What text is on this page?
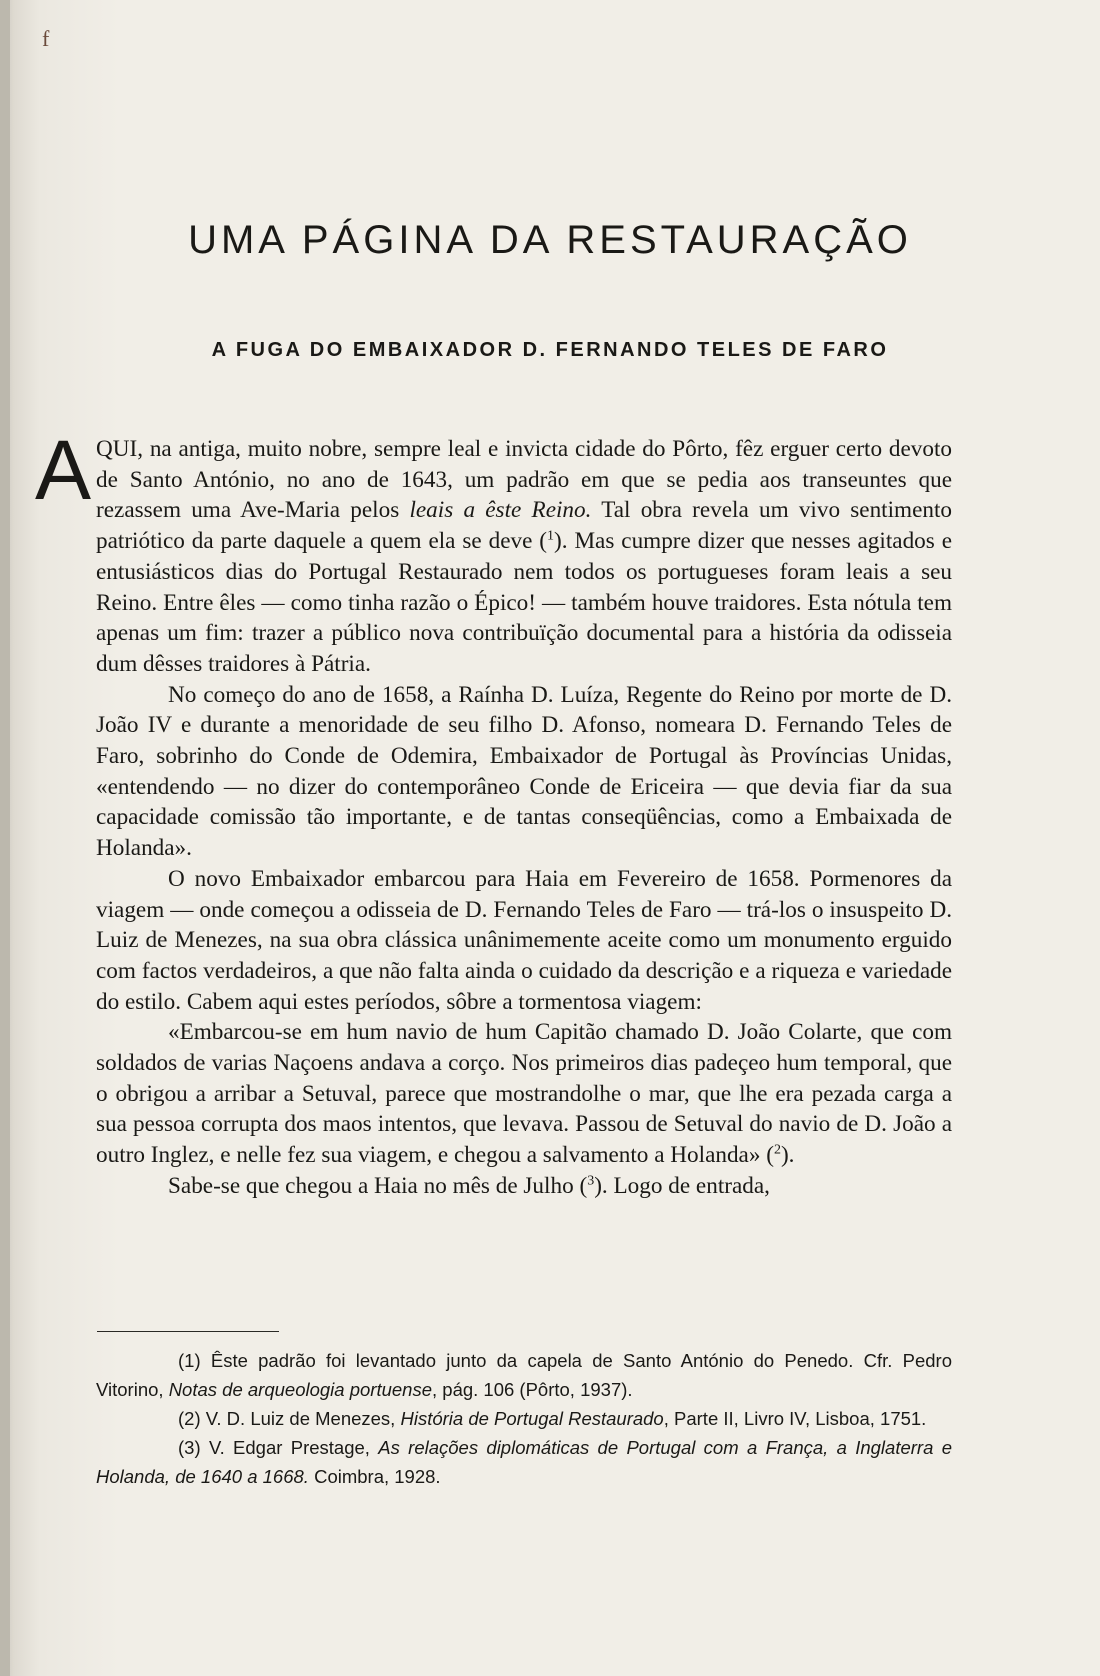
f
UMA PÁGINA DA RESTAURAÇÃO
A FUGA DO EMBAIXADOR D. FERNANDO TELES DE FARO

AQUI, na antiga, muito nobre, sempre leal e invicta cidade do Pôrto, fêz erguer certo devoto de Santo António, no ano de 1643, um padrão em que se pedia aos transeuntes que rezassem uma Ave-Maria pelos leais a êste Reino. Tal obra revela um vivo sentimento patriótico da parte daquele a quem ela se deve ($^1$). Mas cumpre dizer que nesses agitados e entusiásticos dias do Portugal Restaurado nem todos os portugueses foram leais a seu Reino. Entre êles — como tinha razão o Épico! — também houve traidores. Esta nótula tem apenas um fim: trazer a público nova contribuïção documental para a história da odisseia dum dêsses traidores à Pátria.

No começo do ano de 1658, a Raínha D. Luíza, Regente do Reino por morte de D. João IV e durante a menoridade de seu filho D. Afonso, nomeara D. Fernando Teles de Faro, sobrinho do Conde de Odemira, Embaixador de Portugal às Províncias Unidas, «entendendo — no dizer do contemporâneo Conde de Ericeira — que devia fiar da sua capacidade comissão tão importante, e de tantas conseqüências, como a Embaixada de Holanda».

O novo Embaixador embarcou para Haia em Fevereiro de 1658. Pormenores da viagem — onde começou a odisseia de D. Fernando Teles de Faro — trá-los o insuspeito D. Luiz de Menezes, na sua obra clássica unânimemente aceite como um monumento erguido com factos verdadeiros, a que não falta ainda o cuidado da descrição e a riqueza e variedade do estilo. Cabem aqui estes períodos, sôbre a tormentosa viagem:

«Embarcou-se em hum navio de hum Capitão chamado D. João Colarte, que com soldados de varias Naçoens andava a corço. Nos primeiros dias padeçeo hum temporal, que o obrigou a arribar a Setuval, parece que mostrandolhe o mar, que lhe era pezada carga a sua pessoa corrupta dos maos intentos, que levava. Passou de Setuval do navio de D. João a outro Inglez, e nelle fez sua viagem, e chegou a salvamento a Holanda» ($^2$).

Sabe-se que chegou a Haia no mês de Julho ($^3$). Logo de entrada,

(1) Êste padrão foi levantado junto da capela de Santo António do Penedo. Cfr. Pedro Vitorino, Notas de arqueologia portuense, pág. 106 (Pôrto, 1937).

(2) V. D. Luiz de Menezes, História de Portugal Restaurado, Parte II, Livro IV, Lisboa, 1751.

(3) V. Edgar Prestage, As relações diplomáticas de Portugal com a França, a Inglaterra e Holanda, de 1640 a 1668. Coimbra, 1928.
